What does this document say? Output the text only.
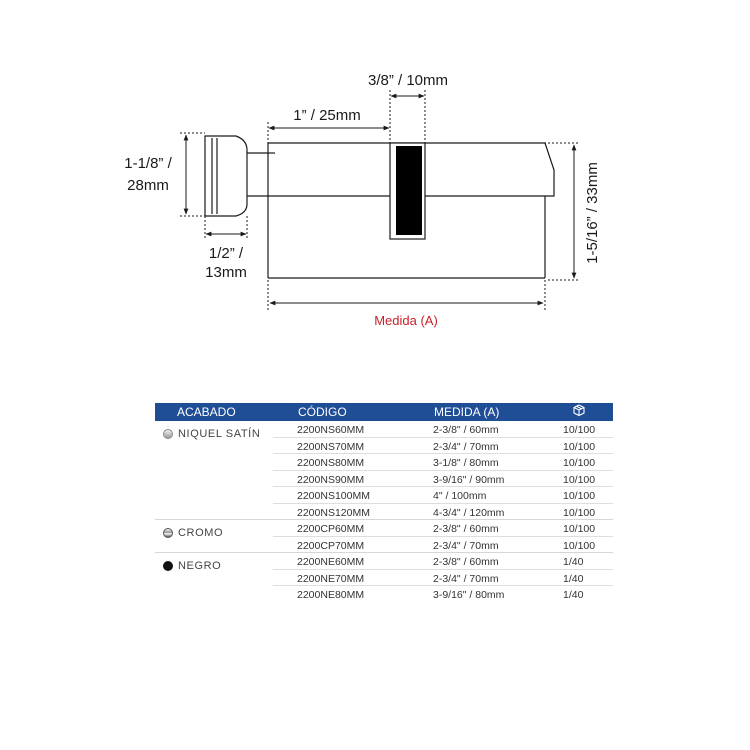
3/8” / 10mm
1” / 25mm
1-1/8” /
28mm
1/2” /
13mm
1-5/16” / 33mm
Medida (A)
ACABADO	CÓDIGO	MEDIDA (A)
NIQUEL SATÍN	2200NS60MM	2-3/8" / 60mm	10/100
2200NS70MM	2-3/4" / 70mm	10/100
2200NS80MM	3-1/8" / 80mm	10/100
2200NS90MM	3-9/16" / 90mm	10/100
2200NS100MM	4" / 100mm	10/100
2200NS120MM	4-3/4" / 120mm	10/100
CROMO	2200CP60MM	2-3/8" / 60mm	10/100
2200CP70MM	2-3/4" / 70mm	10/100
NEGRO	2200NE60MM	2-3/8" / 60mm	1/40
2200NE70MM	2-3/4" / 70mm	1/40
2200NE80MM	3-9/16" / 80mm	1/40
